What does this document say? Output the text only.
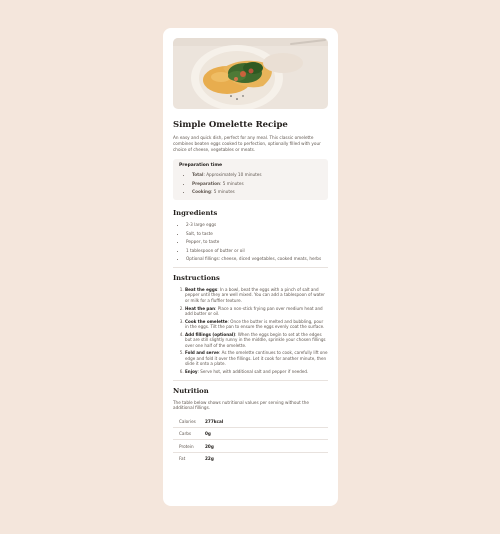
Simple Omelette Recipe

An easy and quick dish, perfect for any meal. This classic omelette combines beaten eggs cooked to perfection, optionally filled with your choice of cheese, vegetables or meats.

Preparation time
• Total: Approximately 10 minutes
• Preparation: 5 minutes
• Cooking: 5 minutes
Ingredients
• 2-3 large eggs
• Salt, to taste
• Pepper, to taste
• 1 tablespoon of butter or oil
• Optional fillings: cheese, diced vegetables, cooked meats, herbs
Instructions
1. Beat the eggs: In a bowl, beat the eggs with a pinch of salt and pepper until they are well mixed. You can add a tablespoon of water or milk for a fluffier texture.
2. Heat the pan: Place a non-stick frying pan over medium heat and add butter or oil.
3. Cook the omelette: Once the butter is melted and bubbling, pour in the eggs. Tilt the pan to ensure the eggs evenly coat the surface.
4. Add fillings (optional): When the eggs begin to set at the edges but are still slightly runny in the middle, sprinkle your chosen fillings over one half of the omelette.
5. Fold and serve: As the omelette continues to cook, carefully lift one edge and fold it over the fillings. Let it cook for another minute, then slide it onto a plate.
6. Enjoy: Serve hot, with additional salt and pepper if needed.
Nutrition

The table below shows nutritional values per serving without the additional fillings.

Calories	277kcal
Carbs	0g
Protein	20g
Fat	22g
